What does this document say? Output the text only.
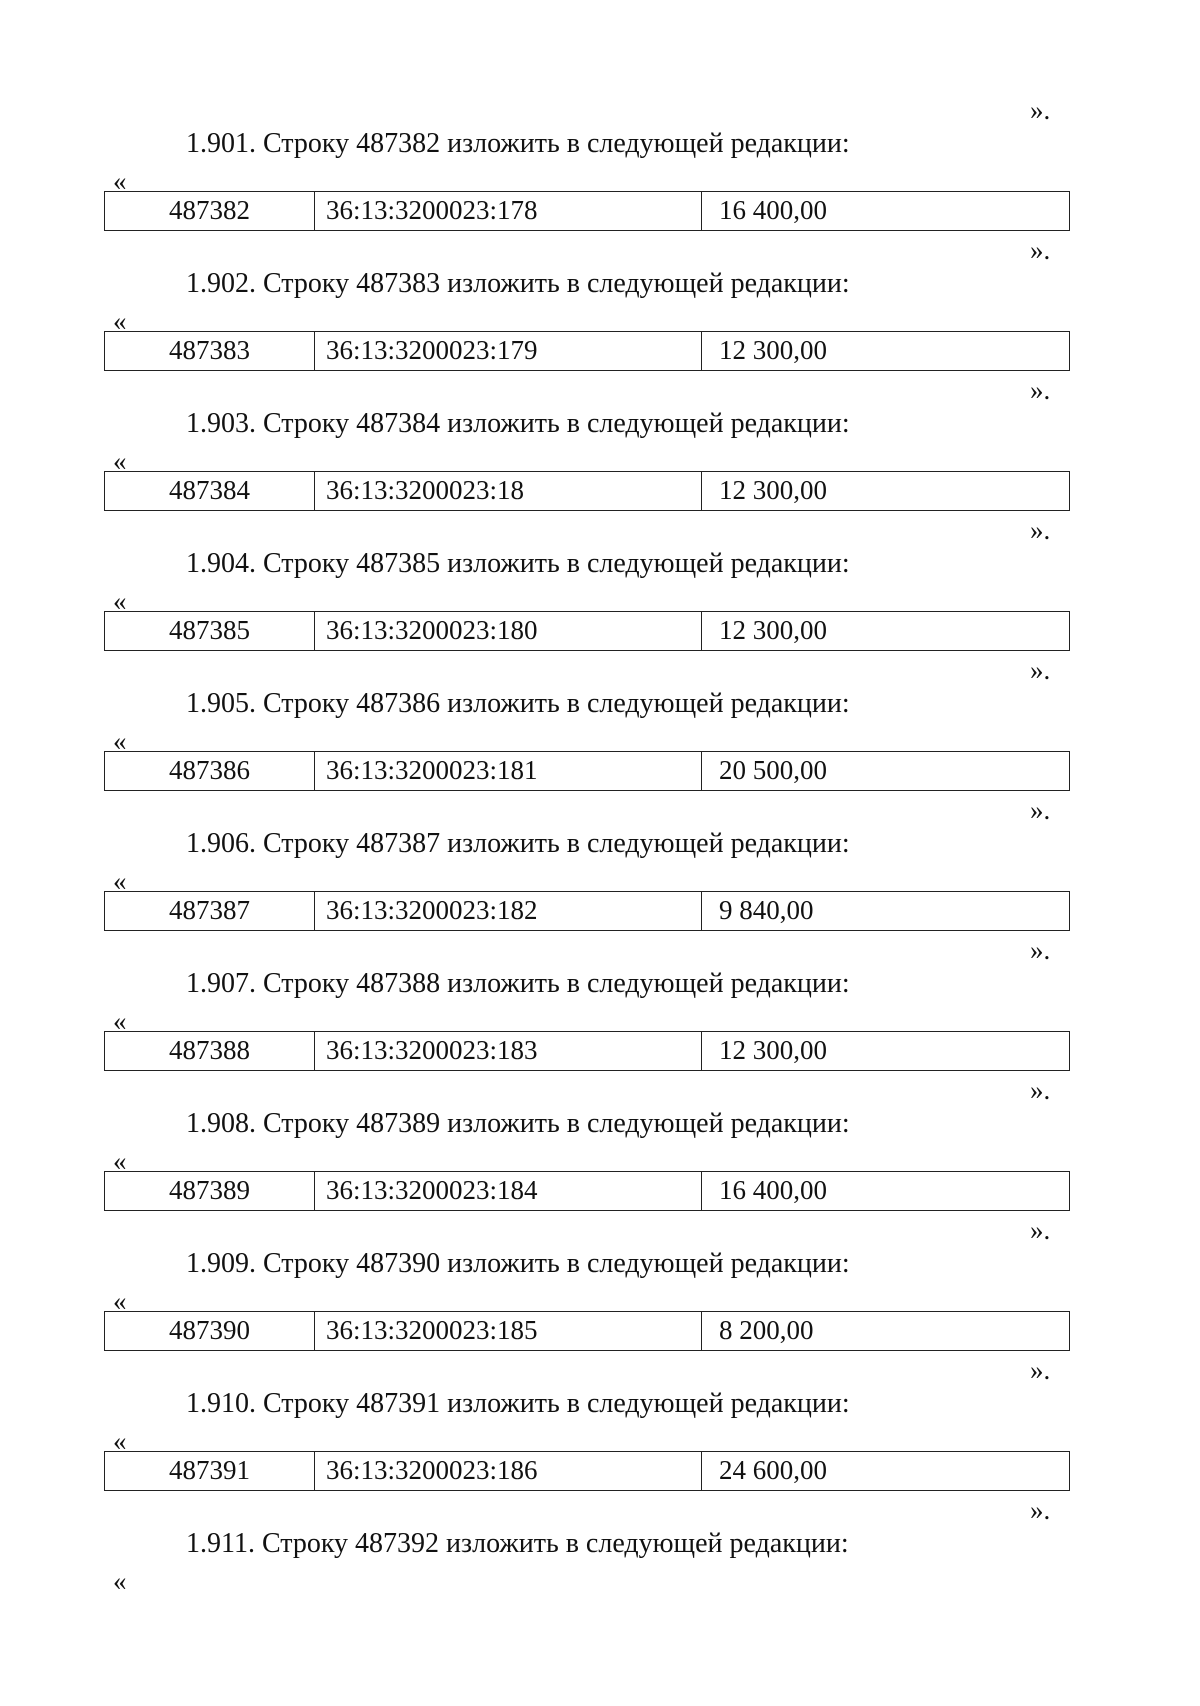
».
1.901. Строку 487382 изложить в следующей редакции:
«
487382	36:13:3200023:178	16 400,00
».
1.902. Строку 487383 изложить в следующей редакции:
«
487383	36:13:3200023:179	12 300,00
».
1.903. Строку 487384 изложить в следующей редакции:
«
487384	36:13:3200023:18	12 300,00
».
1.904. Строку 487385 изложить в следующей редакции:
«
487385	36:13:3200023:180	12 300,00
».
1.905. Строку 487386 изложить в следующей редакции:
«
487386	36:13:3200023:181	20 500,00
».
1.906. Строку 487387 изложить в следующей редакции:
«
487387	36:13:3200023:182	9 840,00
».
1.907. Строку 487388 изложить в следующей редакции:
«
487388	36:13:3200023:183	12 300,00
».
1.908. Строку 487389 изложить в следующей редакции:
«
487389	36:13:3200023:184	16 400,00
».
1.909. Строку 487390 изложить в следующей редакции:
«
487390	36:13:3200023:185	8 200,00
».
1.910. Строку 487391 изложить в следующей редакции:
«
487391	36:13:3200023:186	24 600,00
».
1.911. Строку 487392 изложить в следующей редакции:
«
